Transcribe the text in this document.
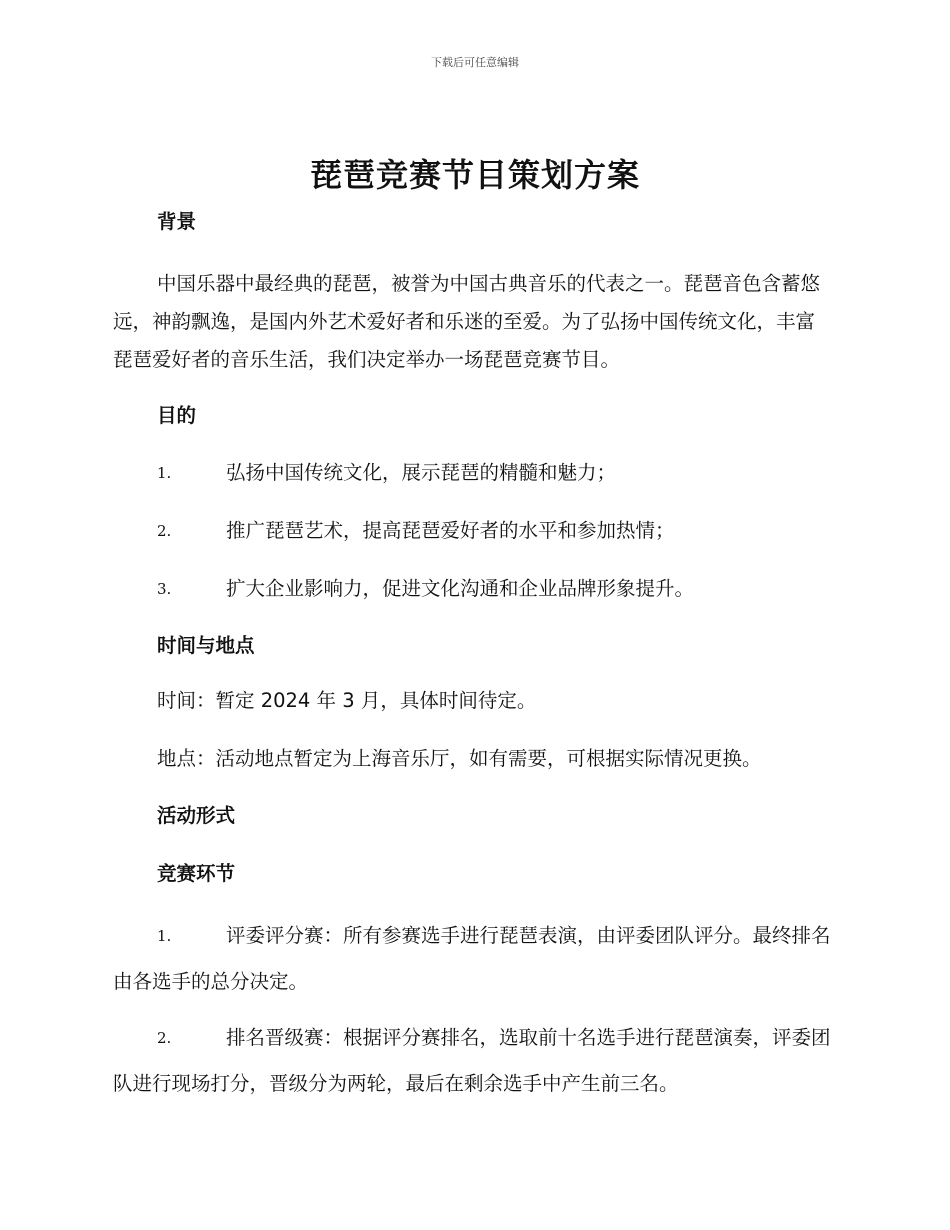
下载后可任意编辑
琵琶竞赛节目策划方案
背景

中国乐器中最经典的琵琶，被誉为中国古典音乐的代表之一。琵琶音色含蓄悠远，神韵飘逸，是国内外艺术爱好者和乐迷的至爱。为了弘扬中国传统文化，丰富琵琶爱好者的音乐生活，我们决定举办一场琵琶竞赛节目。

目的
1.	弘扬中国传统文化，展示琵琶的精髓和魅力；
2.	推广琵琶艺术，提高琵琶爱好者的水平和参加热情；
3.	扩大企业影响力，促进文化沟通和企业品牌形象提升。
时间与地点
时间：暂定 2024 年 3 月，具体时间待定。
地点：活动地点暂定为上海音乐厅，如有需要，可根据实际情况更换。
活动形式
竞赛环节

1.	评委评分赛：所有参赛选手进行琵琶表演，由评委团队评分。最终排名由各选手的总分决定。

2.	排名晋级赛：根据评分赛排名，选取前十名选手进行琵琶演奏，评委团队进行现场打分，晋级分为两轮，最后在剩余选手中产生前三名。
